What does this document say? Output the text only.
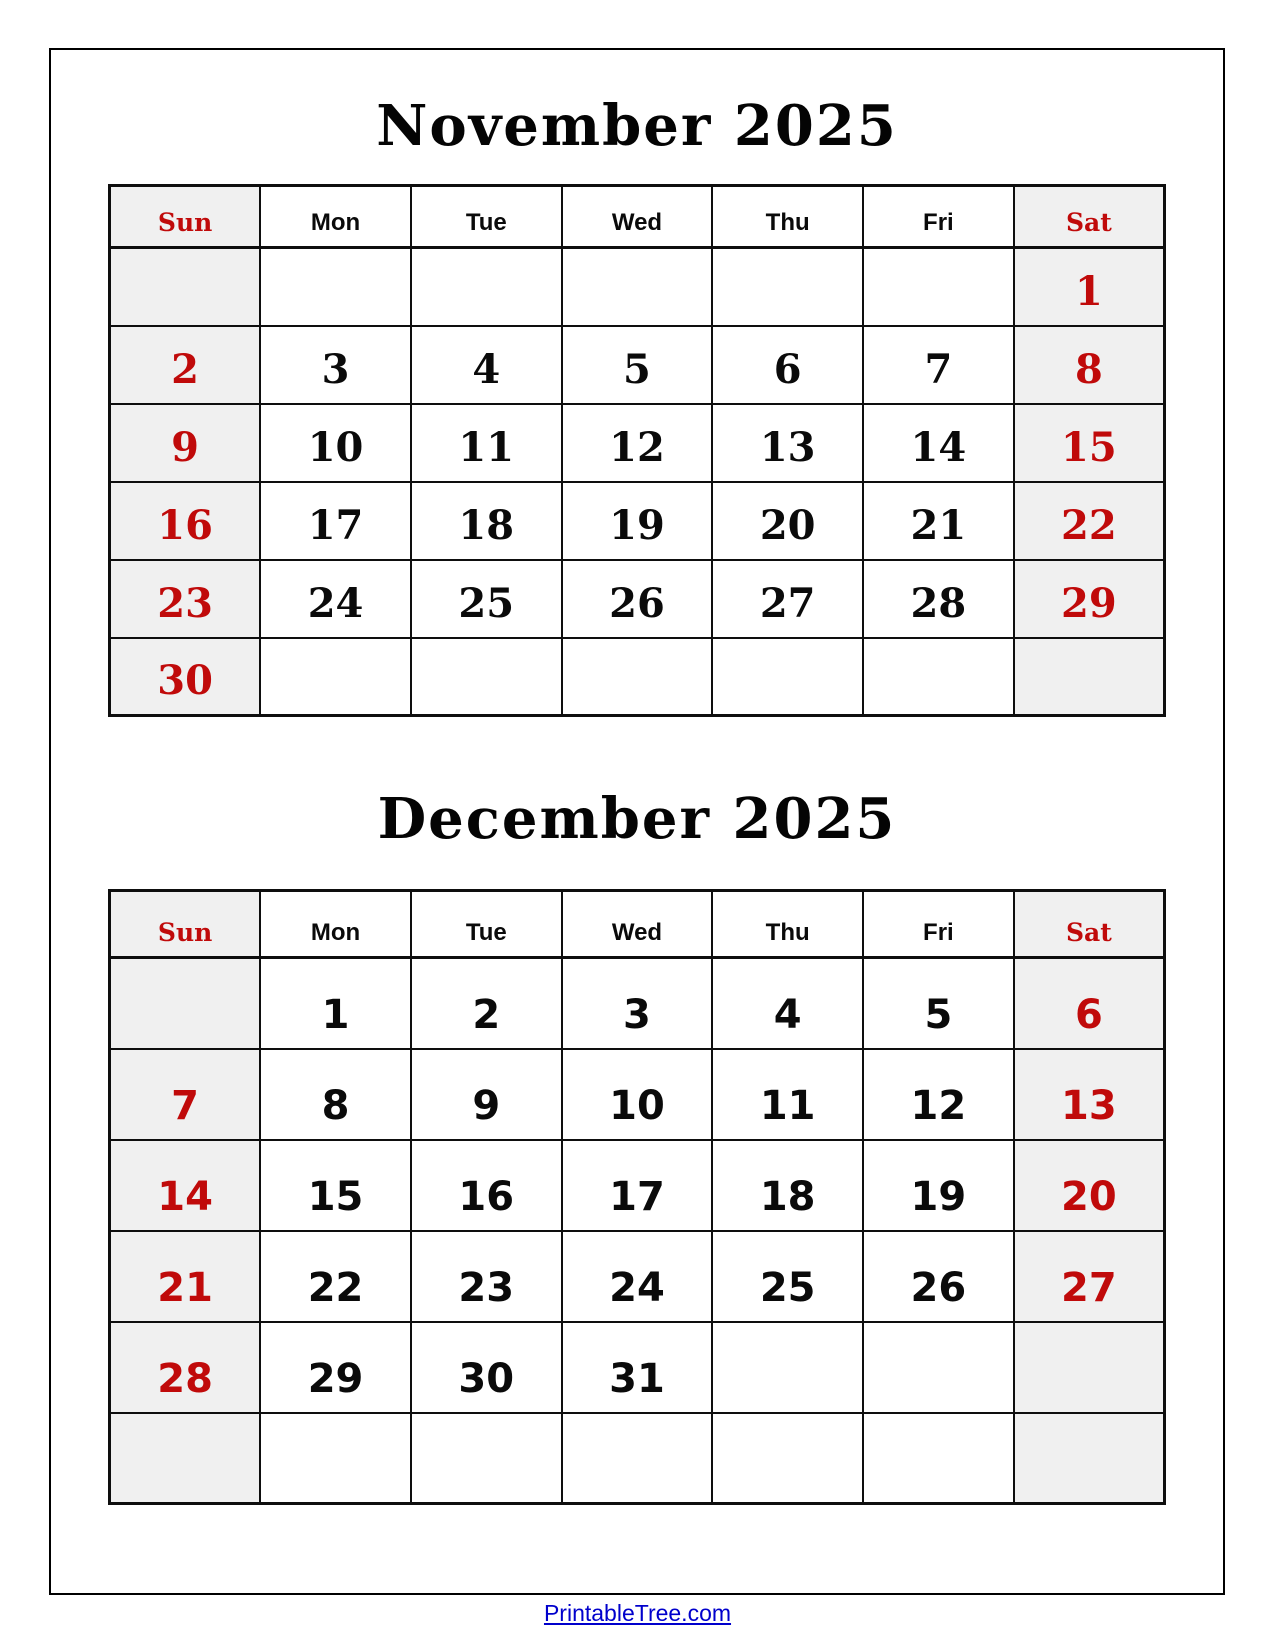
November 2025
Sun	Mon	Tue	Wed	Thu	Fri	Sat
						1
2	3	4	5	6	7	8
9	10	11	12	13	14	15
16	17	18	19	20	21	22
23	24	25	26	27	28	29
30						
December 2025
Sun	Mon	Tue	Wed	Thu	Fri	Sat
	1	2	3	4	5	6
7	8	9	10	11	12	13
14	15	16	17	18	19	20
21	22	23	24	25	26	27
28	29	30	31			

PrintableTree.com
